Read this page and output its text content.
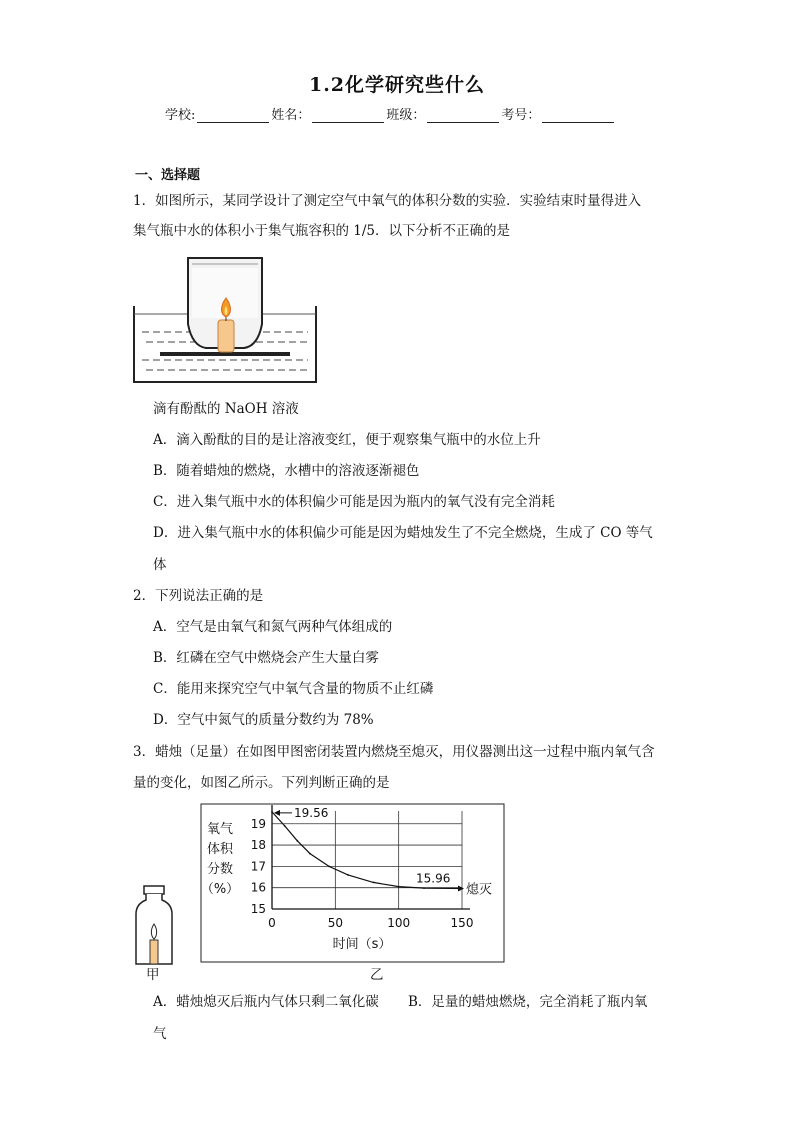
1.2化学研究些什么
学校:	姓名：	班级：	考号：
一、选择题
1．如图所示，某同学设计了测定空气中氧气的体积分数的实验．实验结束时量得进入
集气瓶中水的体积小于集气瓶容积的 1/5．以下分析不正确的是
滴有酚酞的 NaOH 溶液
A．滴入酚酞的目的是让溶液变红，便于观察集气瓶中的水位上升
B．随着蜡烛的燃烧，水槽中的溶液逐渐褪色
C．进入集气瓶中水的体积偏少可能是因为瓶内的氧气没有完全消耗
D．进入集气瓶中水的体积偏少可能是因为蜡烛发生了不完全燃烧，生成了 CO 等气
体
2．下列说法正确的是
A．空气是由氧气和氮气两种气体组成的
B．红磷在空气中燃烧会产生大量白雾
C．能用来探究空气中氧气含量的物质不止红磷
D．空气中氮气的质量分数约为 78%
3．蜡烛（足量）在如图甲图密闭装置内燃烧至熄灭，用仪器测出这一过程中瓶内氧气含
量的变化，如图乙所示。下列判断正确的是
甲
15
16
17
18
19
0	50	100	150
氧气
体积
分数
（%）
时间（s）
19.56
15.96
熄灭
乙
A．蜡烛熄灭后瓶内气体只剩二氧化碳 B．足量的蜡烛燃烧，完全消耗了瓶内氧
气
